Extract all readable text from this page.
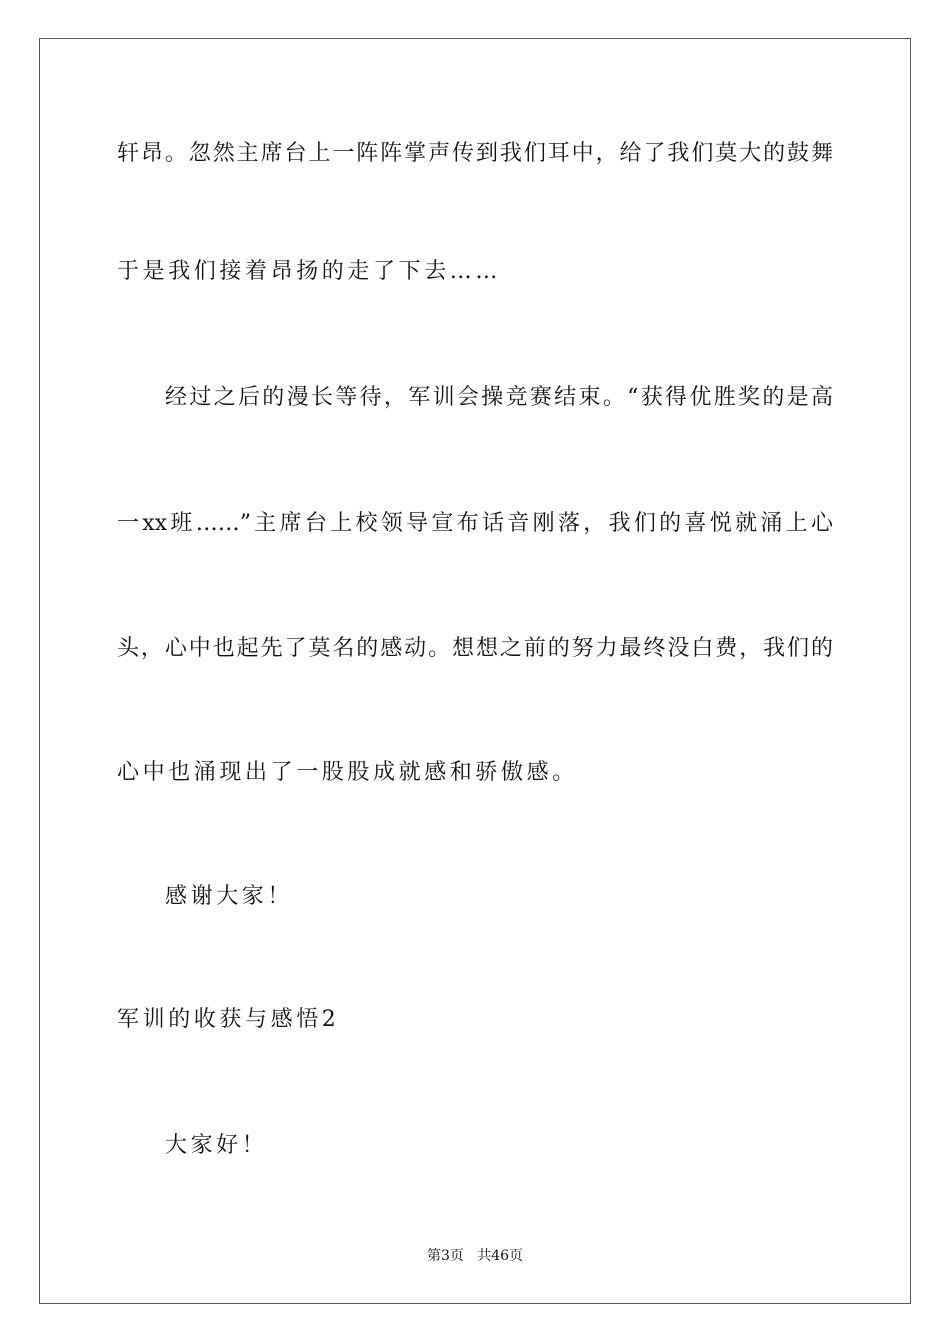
轩昂。忽然主席台上一阵阵掌声传到我们耳中，给了我们莫大的鼓舞
于是我们接着昂扬的走了下去……
经过之后的漫长等待，军训会操竞赛结束。“获得优胜奖的是高
一xx班……”主席台上校领导宣布话音刚落，我们的喜悦就涌上心
头，心中也起先了莫名的感动。想想之前的努力最终没白费，我们的
心中也涌现出了一股股成就感和骄傲感。
感谢大家！
军训的收获与感悟2
大家好！
第3页   共46页
